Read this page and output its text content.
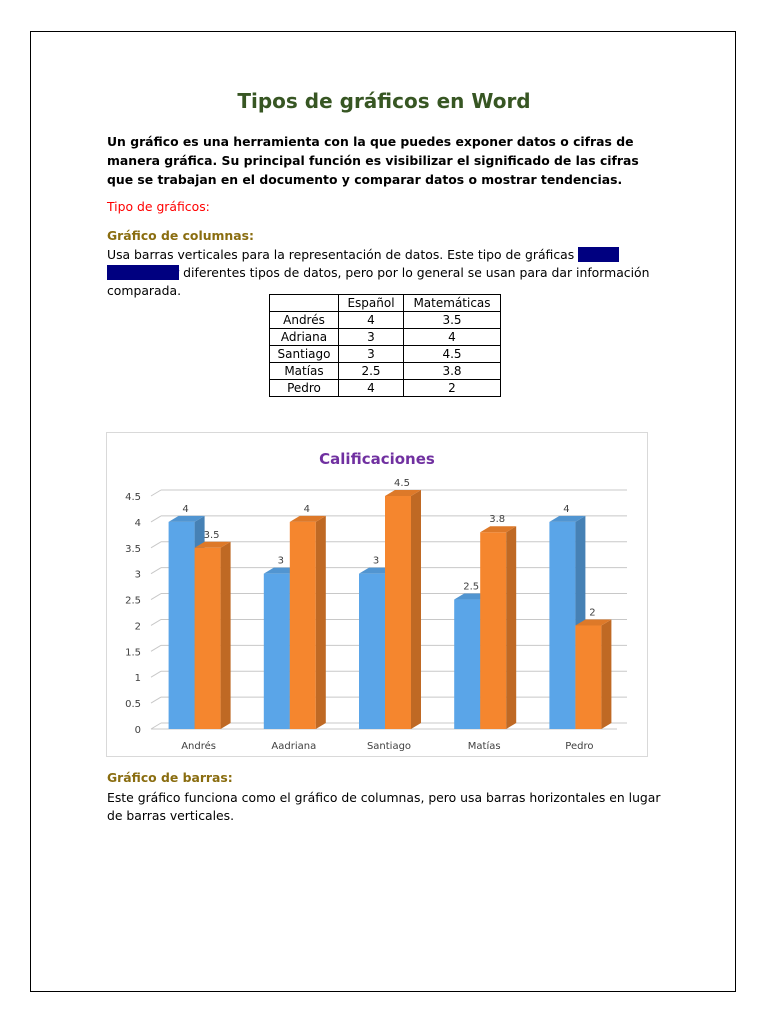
Tipos de gráficos en Word
Un gráfico es una herramienta con la que puedes exponer datos o cifras de manera gráfica. Su principal función es visibilizar el significado de las cifras que se trabajan en el documento y comparar datos o mostrar tendencias.
Tipo de gráficos:
Gráfico de columnas:
Usa barras verticales para la representación de datos. Este tipo de gráficas suelen representar diferentes tipos de datos, pero por lo general se usan para dar información comparada.
	Español	Matemáticas
Andrés	4	3.5
Adriana	3	4
Santiago	3	4.5
Matías	2.5	3.8
Pedro	4	2
Calificaciones
0
0.5
1
1.5
2
2.5
3
3.5
4
4.5
4
3.5
Andrés
3
4
Aadriana
3
4.5
Santiago
2.5
3.8
Matías
4
2
Pedro
Gráfico de barras:
Este gráfico funciona como el gráfico de columnas, pero usa barras horizontales en lugar de barras verticales.
